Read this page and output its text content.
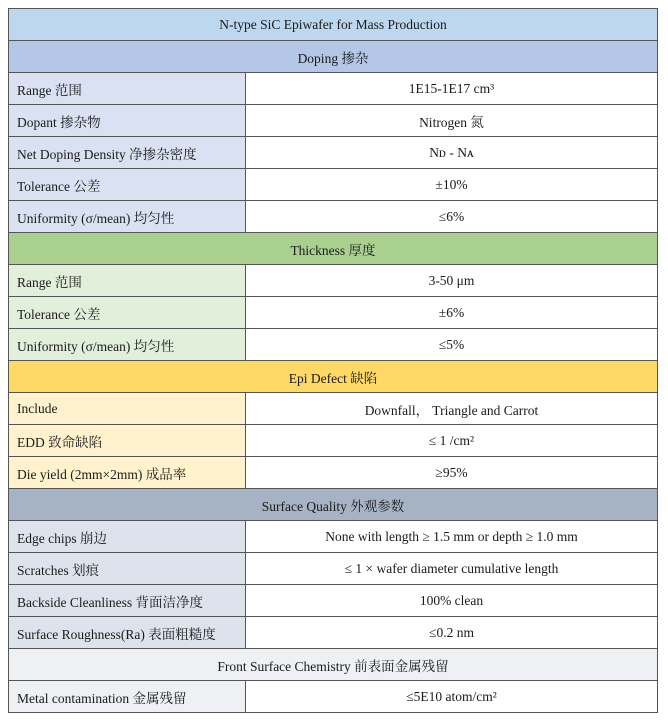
N-type SiC Epiwafer for Mass Production	
Doping 掺杂	
Range 范围	1E15-1E17 cm³
Dopant 掺杂物	Nitrogen 氮
Net Doping Density 净掺杂密度	Nᴅ - Nᴀ
Tolerance 公差	±10%
Uniformity (σ/mean) 均匀性	≤6%
Thickness 厚度	
Range 范围	3-50 μm
Tolerance 公差	±6%
Uniformity (σ/mean) 均匀性	≤5%
Epi Defect 缺陷	
Include	Downfall， Triangle and Carrot
EDD 致命缺陷	≤ 1 /cm²
Die yield (2mm×2mm) 成品率	≥95%
Surface Quality 外观参数	
Edge chips 崩边	None with length ≥ 1.5 mm or depth ≥ 1.0 mm
Scratches 划痕	≤ 1 × wafer diameter cumulative length
Backside Cleanliness 背面洁净度	100% clean
Surface Roughness(Ra) 表面粗糙度	≤0.2 nm
Front Surface Chemistry 前表面金属残留	
Metal contamination 金属残留	≤5E10 atom/cm²
